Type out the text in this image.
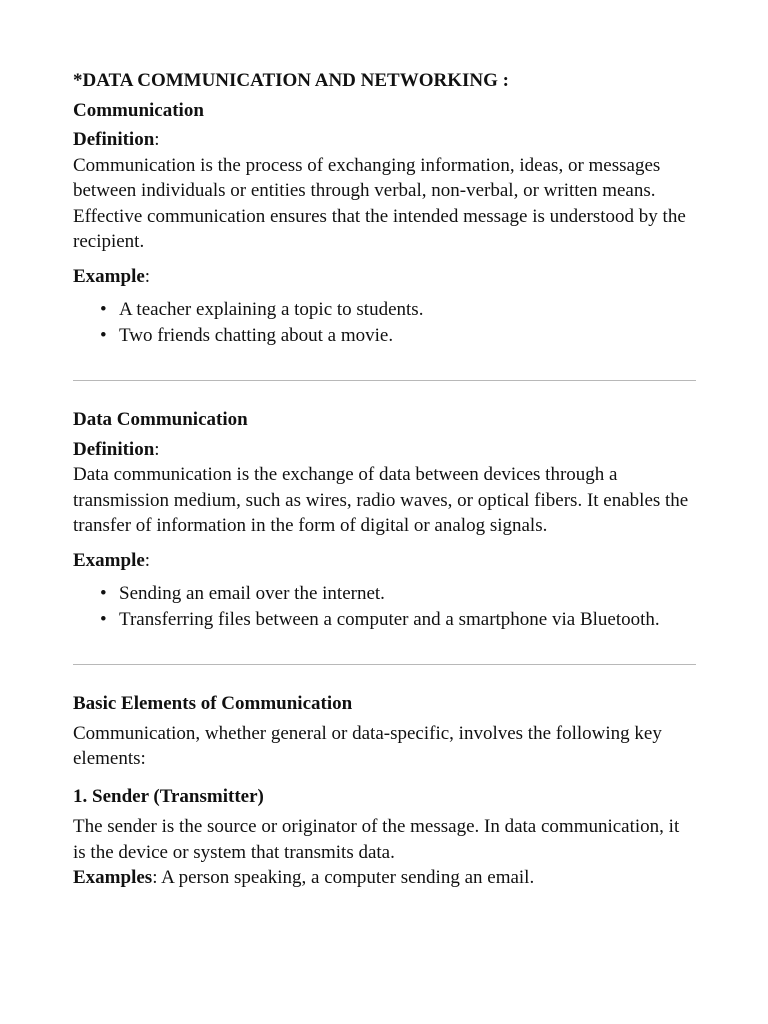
*DATA COMMUNICATION AND NETWORKING :

Communication

Definition:

Communication is the process of exchanging information, ideas, or messages between individuals or entities through verbal, non-verbal, or written means. Effective communication ensures that the intended message is understood by the recipient.

Example:

• A teacher explaining a topic to students.
• Two friends chatting about a movie.

Data Communication

Definition:

Data communication is the exchange of data between devices through a transmission medium, such as wires, radio waves, or optical fibers. It enables the transfer of information in the form of digital or analog signals.

Example:

• Sending an email over the internet.
• Transferring files between a computer and a smartphone via Bluetooth.

Basic Elements of Communication

Communication, whether general or data-specific, involves the following key elements:

1. Sender (Transmitter)

The sender is the source or originator of the message. In data communication, it is the device or system that transmits data.

Examples: A person speaking, a computer sending an email.
